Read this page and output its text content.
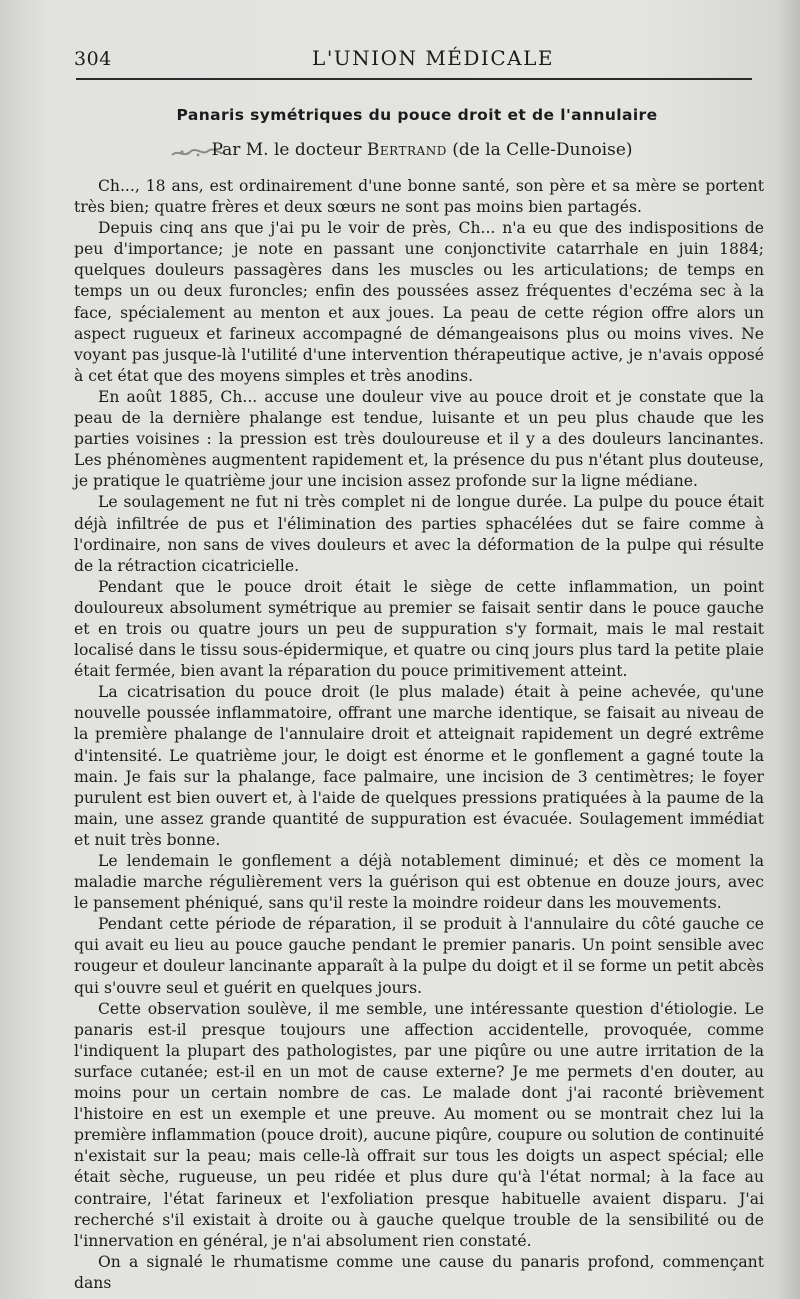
304	L'UNION MÉDICALE
Panaris symétriques du pouce droit et de l'annulaire
Par M. le docteur Bertrand (de la Celle-Dunoise)

Ch..., 18 ans, est ordinairement d'une bonne santé, son père et sa mère se portent très bien; quatre frères et deux sœurs ne sont pas moins bien partagés.

Depuis cinq ans que j'ai pu le voir de près, Ch... n'a eu que des indispositions de peu d'importance; je note en passant une conjonctivite catarrhale en juin 1884; quelques douleurs passagères dans les muscles ou les articulations; de temps en temps un ou deux furoncles; enfin des poussées assez fréquentes d'eczéma sec à la face, spécialement au menton et aux joues. La peau de cette région offre alors un aspect rugueux et farineux accompagné de démangeaisons plus ou moins vives. Ne voyant pas jusque-là l'utilité d'une intervention thérapeutique active, je n'avais opposé à cet état que des moyens simples et très anodins.

En août 1885, Ch... accuse une douleur vive au pouce droit et je constate que la peau de la dernière phalange est tendue, luisante et un peu plus chaude que les parties voisines : la pression est très douloureuse et il y a des douleurs lancinantes. Les phénomènes augmentent rapidement et, la présence du pus n'étant plus douteuse, je pratique le quatrième jour une incision assez profonde sur la ligne médiane.

Le soulagement ne fut ni très complet ni de longue durée. La pulpe du pouce était déjà infiltrée de pus et l'élimination des parties sphacélées dut se faire comme à l'ordinaire, non sans de vives douleurs et avec la déformation de la pulpe qui résulte de la rétraction cicatricielle.

Pendant que le pouce droit était le siège de cette inflammation, un point douloureux absolument symétrique au premier se faisait sentir dans le pouce gauche et en trois ou quatre jours un peu de suppuration s'y formait, mais le mal restait localisé dans le tissu sous-épidermique, et quatre ou cinq jours plus tard la petite plaie était fermée, bien avant la réparation du pouce primitivement atteint.

La cicatrisation du pouce droit (le plus malade) était à peine achevée, qu'une nouvelle poussée inflammatoire, offrant une marche identique, se faisait au niveau de la première phalange de l'annulaire droit et atteignait rapidement un degré extrême d'intensité. Le quatrième jour, le doigt est énorme et le gonflement a gagné toute la main. Je fais sur la phalange, face palmaire, une incision de 3 centimètres; le foyer purulent est bien ouvert et, à l'aide de quelques pressions pratiquées à la paume de la main, une assez grande quantité de suppuration est évacuée. Soulagement immédiat et nuit très bonne.

Le lendemain le gonflement a déjà notablement diminué; et dès ce moment la maladie marche régulièrement vers la guérison qui est obtenue en douze jours, avec le pansement phéniqué, sans qu'il reste la moindre roideur dans les mouvements.

Pendant cette période de réparation, il se produit à l'annulaire du côté gauche ce qui avait eu lieu au pouce gauche pendant le premier panaris. Un point sensible avec rougeur et douleur lancinante apparaît à la pulpe du doigt et il se forme un petit abcès qui s'ouvre seul et guérit en quelques jours.

Cette observation soulève, il me semble, une intéressante question d'étiologie. Le panaris est-il presque toujours une affection accidentelle, provoquée, comme l'indiquent la plupart des pathologistes, par une piqûre ou une autre irritation de la surface cutanée; est-il en un mot de cause externe? Je me permets d'en douter, au moins pour un certain nombre de cas. Le malade dont j'ai raconté brièvement l'histoire en est un exemple et une preuve. Au moment ou se montrait chez lui la première inflammation (pouce droit), aucune piqûre, coupure ou solution de continuité n'existait sur la peau; mais celle-là offrait sur tous les doigts un aspect spécial; elle était sèche, rugueuse, un peu ridée et plus dure qu'à l'état normal; à la face au contraire, l'état farineux et l'exfoliation presque habituelle avaient disparu. J'ai recherché s'il existait à droite ou à gauche quelque trouble de la sensibilité ou de l'innervation en général, je n'ai absolument rien constaté.

On a signalé le rhumatisme comme une cause du panaris profond, commençant dans
